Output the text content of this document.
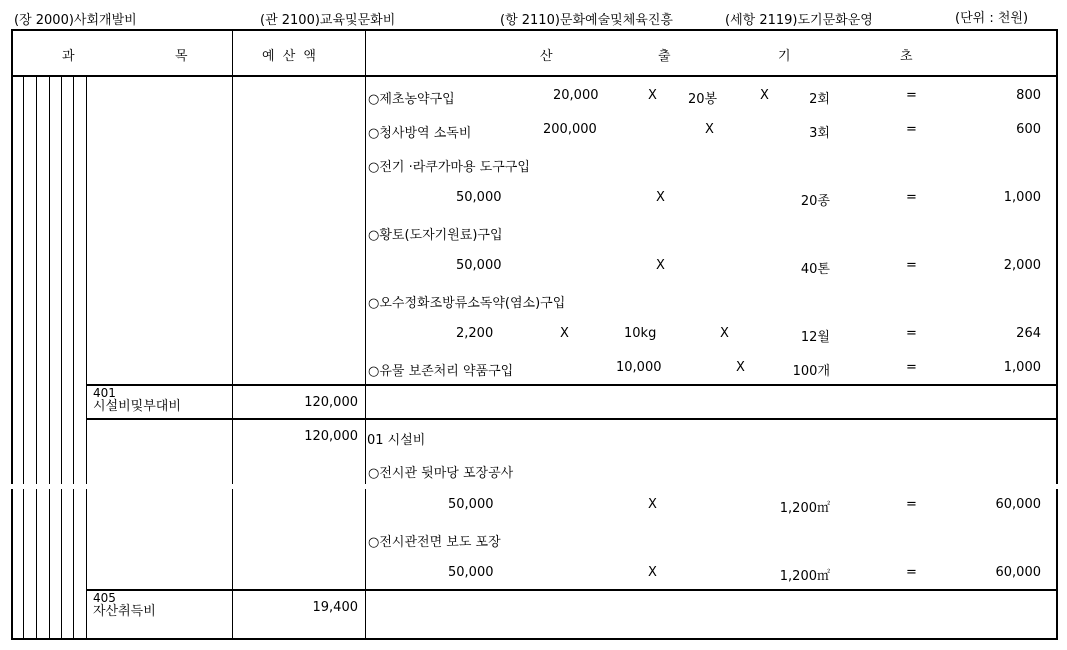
(장 2000)사회개발비	(관 2100)교육및문화비	(항 2110)문화예술및체육진흥	(세항 2119)도기문화운영	(단위 : 천원)
과	목	예 산 액	산	출	기	초
○제초농약구입	20,000	X 20봉	X	2회	=	800
○청사방역 소독비	200,000	X	3회	=	600
○전기 ·라쿠가마용 도구구입
50,000	X	20종	=	1,000
○황토(도자기원료)구입
50,000	X	40톤	=	2,000
○오수정화조방류소독약(염소)구입
2,200	X	10kg	X	12월	=	264
○유물 보존처리 약품구입	10,000	X	100개	=	1,000
401
시설비및부대비	120,000
120,000 01 시설비
○전시관 뒷마당 포장공사
50,000	X	1,200㎡	=	60,000
○전시관전면 보도 포장
50,000	X	1,200㎡	=	60,000
405
자산취득비	19,400
